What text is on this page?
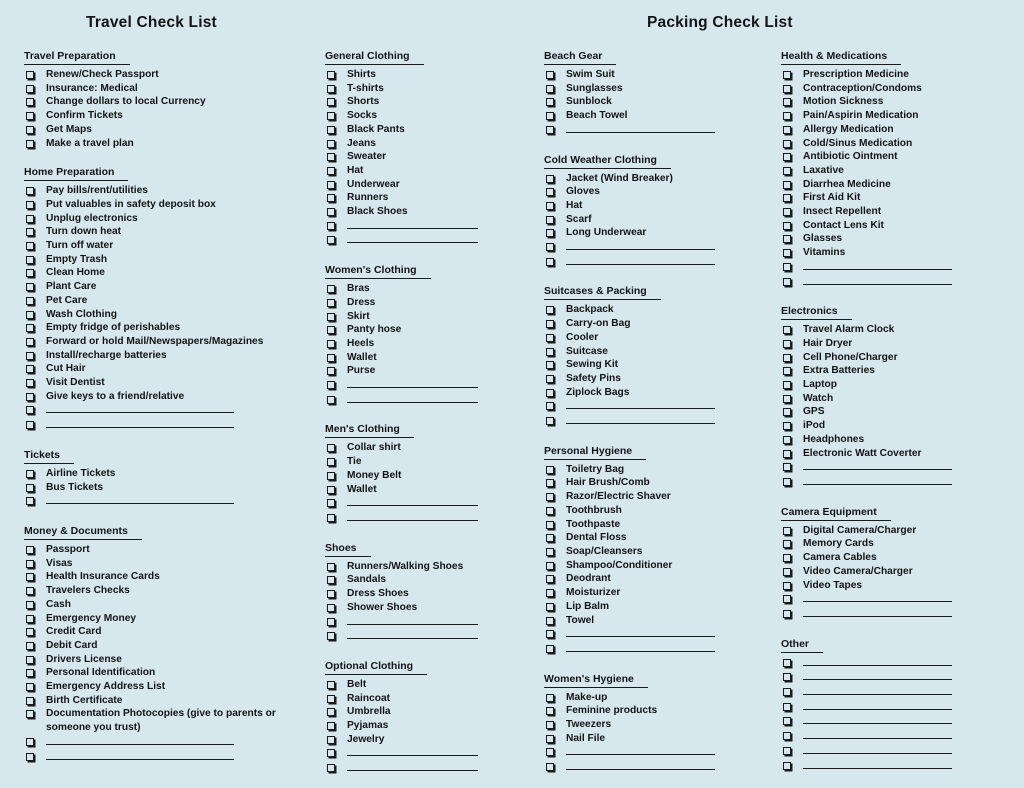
Travel Check List	Packing Check List
Travel Preparation
Renew/Check Passport
Insurance: Medical
Change dollars to local Currency
Confirm Tickets
Get Maps
Make a travel plan
Home Preparation
Pay bills/rent/utilities
Put valuables in safety deposit box
Unplug electronics
Turn down heat
Turn off water
Empty Trash
Clean Home
Plant Care
Pet Care
Wash Clothing
Empty fridge of perishables
Forward or hold Mail/Newspapers/Magazines
Install/recharge batteries
Cut Hair
Visit Dentist
Give keys to a friend/relative
Tickets
Airline Tickets
Bus Tickets
Money & Documents
Passport
Visas
Health Insurance Cards
Travelers Checks
Cash
Emergency Money
Credit Card
Debit Card
Drivers License
Personal Identification
Emergency Address List
Birth Certificate
Documentation Photocopies (give to parents or someone you trust)
General Clothing
Shirts
T-shirts
Shorts
Socks
Black Pants
Jeans
Sweater
Hat
Underwear
Runners
Black Shoes
Women's Clothing
Bras
Dress
Skirt
Panty hose
Heels
Wallet
Purse
Men's Clothing
Collar shirt
Tie
Money Belt
Wallet
Shoes
Runners/Walking Shoes
Sandals
Dress Shoes
Shower Shoes
Optional Clothing
Belt
Raincoat
Umbrella
Pyjamas
Jewelry
Beach Gear
Swim Suit
Sunglasses
Sunblock
Beach Towel
Cold Weather Clothing
Jacket (Wind Breaker)
Gloves
Hat
Scarf
Long Underwear
Suitcases & Packing
Backpack
Carry-on Bag
Cooler
Suitcase
Sewing Kit
Safety Pins
Ziplock Bags
Personal Hygiene
Toiletry Bag
Hair Brush/Comb
Razor/Electric Shaver
Toothbrush
Toothpaste
Dental Floss
Soap/Cleansers
Shampoo/Conditioner
Deodrant
Moisturizer
Lip Balm
Towel
Women's Hygiene
Make-up
Feminine products
Tweezers
Nail File
Health & Medications
Prescription Medicine
Contraception/Condoms
Motion Sickness
Pain/Aspirin Medication
Allergy Medication
Cold/Sinus Medication
Antibiotic Ointment
Laxative
Diarrhea Medicine
First Aid Kit
Insect Repellent
Contact Lens Kit
Glasses
Vitamins
Electronics
Travel Alarm Clock
Hair Dryer
Cell Phone/Charger
Extra Batteries
Laptop
Watch
GPS
iPod
Headphones
Electronic Watt Coverter
Camera Equipment
Digital Camera/Charger
Memory Cards
Camera Cables
Video Camera/Charger
Video Tapes
Other
